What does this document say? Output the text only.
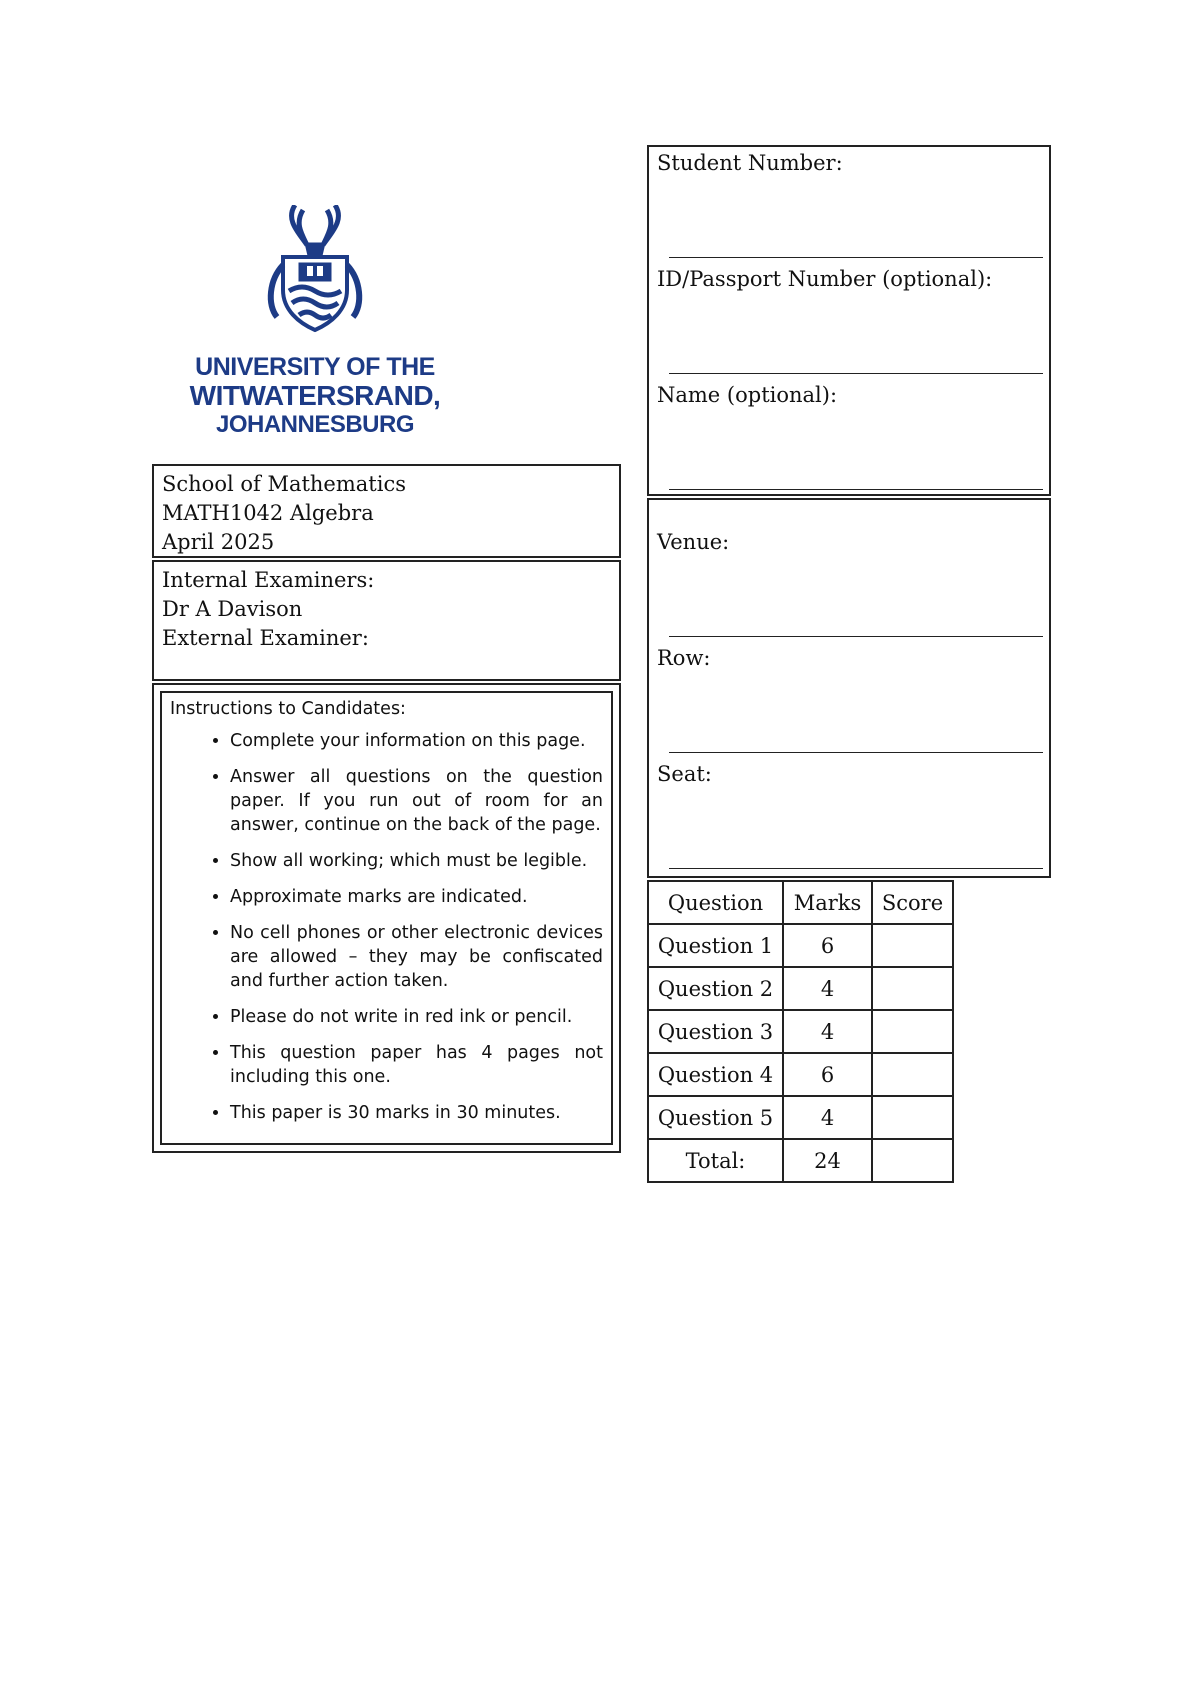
UNIVERSITY OF THE
WITWATERSRAND,
JOHANNESBURG
School of Mathematics
MATH1042 Algebra
April 2025
Internal Examiners:
Dr A Davison
External Examiner:
Instructions to Candidates:
• Complete your information on this page.
• Answer all questions on the question paper. If you run out of room for an answer, continue on the back of the page.
• Show all working; which must be legible.
• Approximate marks are indicated.
• No cell phones or other electronic devices are allowed – they may be confiscated and further action taken.
• Please do not write in red ink or pencil.
• This question paper has 4 pages not including this one.
• This paper is 30 marks in 30 minutes.
Student Number:
ID/Passport Number (optional):
Name (optional):
Venue:
Row:
Seat:
Question	Marks	Score
Question 1	6	
Question 2	4	
Question 3	4	
Question 4	6	
Question 5	4	
Total:	24	
